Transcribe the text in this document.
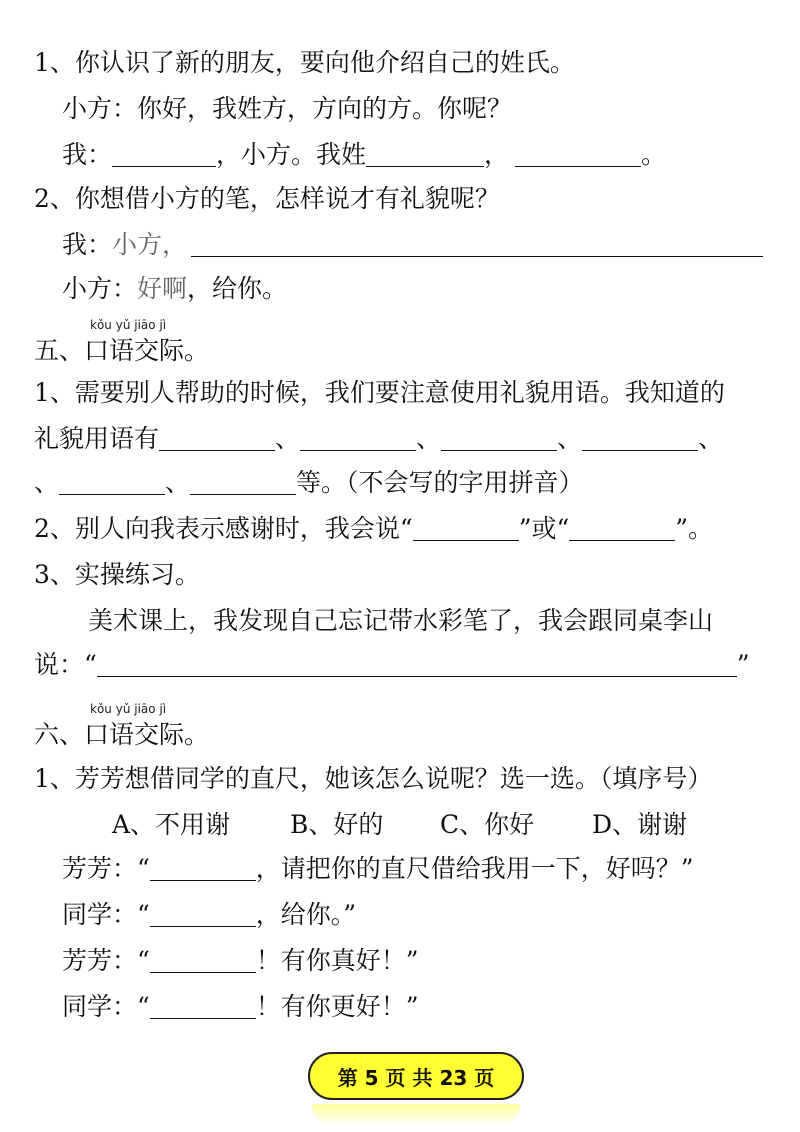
1、你认识了新的朋友，要向他介绍自己的姓氏。
小方：你好，我姓方，方向的方。你呢？
我：	，小方。我姓	，	。
2、你想借小方的笔，怎样说才有礼貌呢？
我：小方，
小方：好啊，给你。
kǒu yǔ jiāo jì
五、口语交际。
1、需要别人帮助的时候，我们要注意使用礼貌用语。我知道的
礼貌用语有	、	、	、	、
、	、	等。（不会写的字用拼音）
2、别人向我表示感谢时，我会说“	”或“	”。
3、实操练习。
美术课上，我发现自己忘记带水彩笔了，我会跟同桌李山
说：“	”
kǒu yǔ jiāo jì
六、口语交际。
1、芳芳想借同学的直尺，她该怎么说呢？选一选。（填序号）
A、不用谢 B、好的 C、你好 D、谢谢
芳芳：“	，请把你的直尺借给我用一下，好吗？”
同学：“	，给你。”
芳芳：“	！有你真好！”
同学：“	！有你更好！”
第 5 页 共 23 页
